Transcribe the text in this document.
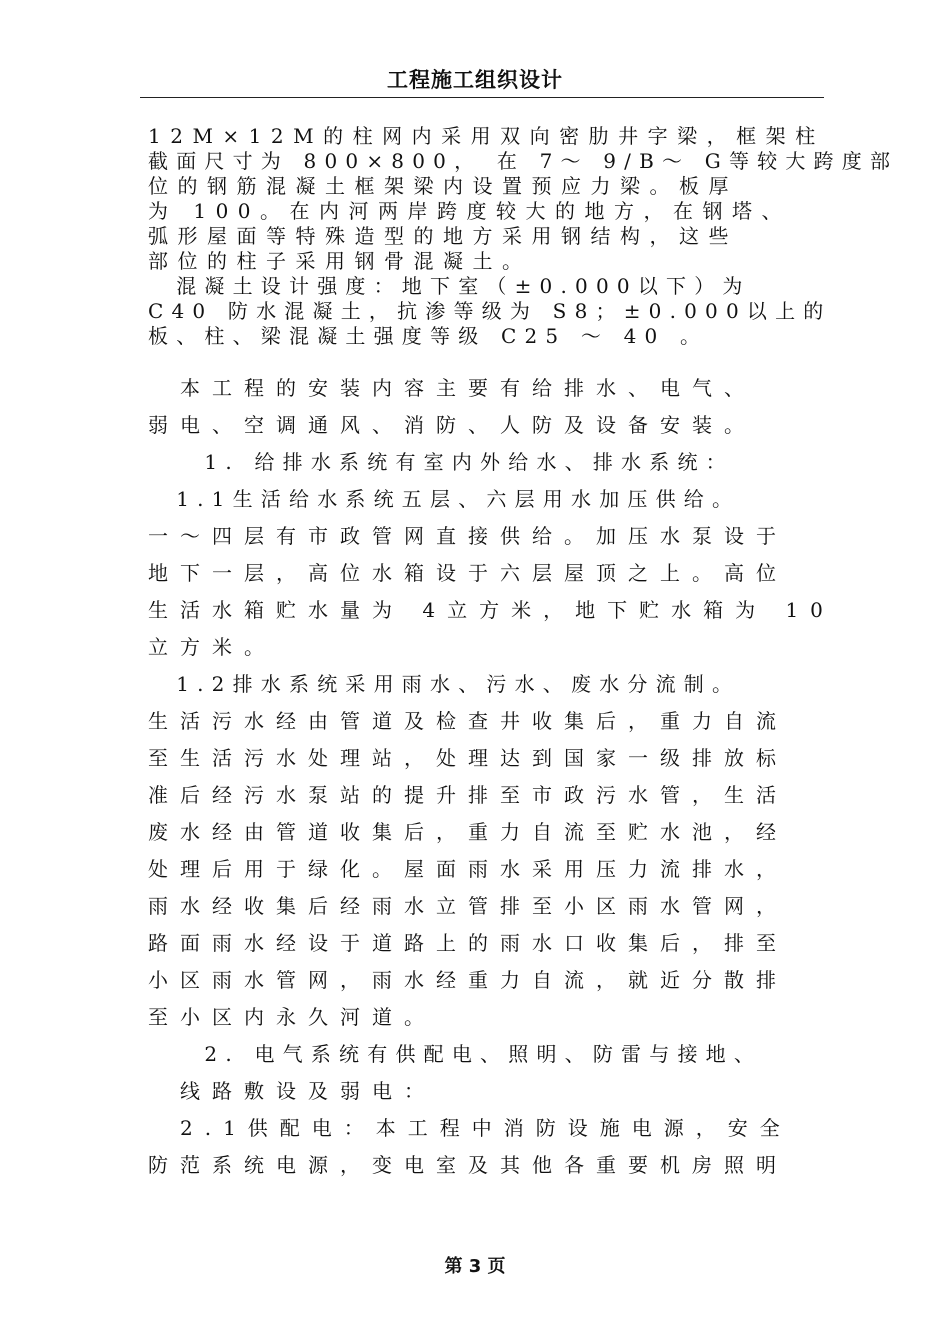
工程施工组织设计
12M×12M的柱网内采用双向密肋井字梁，框架柱
截面尺寸为 800×800， 在 7～ 9/B～ G等较大跨度部
位的钢筋混凝土框架梁内设置预应力梁。板厚
为 100。在内河两岸跨度较大的地方，在钢塔、
弧形屋面等特殊造型的地方采用钢结构，这些
部位的柱子采用钢骨混凝土。
　混凝土设计强度：地下室（±0.000以下）为
C40 防水混凝土，抗渗等级为 S8；±0.000以上的
板、柱、梁混凝土强度等级 C25 ～ 40 。
　本工程的安装内容主要有给排水、电气、
弱电、空调通风、消防、人防及设备安装。
　　1. 给排水系统有室内外给水、排水系统：
　1.1生活给水系统五层、六层用水加压供给。
一～四层有市政管网直接供给。加压水泵设于
地下一层，高位水箱设于六层屋顶之上。高位
生活水箱贮水量为 4立方米，地下贮水箱为 10
立方米。
　1.2排水系统采用雨水、污水、废水分流制。
生活污水经由管道及检查井收集后，重力自流
至生活污水处理站，处理达到国家一级排放标
准后经污水泵站的提升排至市政污水管，生活
废水经由管道收集后，重力自流至贮水池，经
处理后用于绿化。屋面雨水采用压力流排水，
雨水经收集后经雨水立管排至小区雨水管网，
路面雨水经设于道路上的雨水口收集后，排至
小区雨水管网，雨水经重力自流，就近分散排
至小区内永久河道。
　　2. 电气系统有供配电、照明、防雷与接地、
　线路敷设及弱电：
　2.1供配电：本工程中消防设施电源，安全
防范系统电源，变电室及其他各重要机房照明
第 3 页
